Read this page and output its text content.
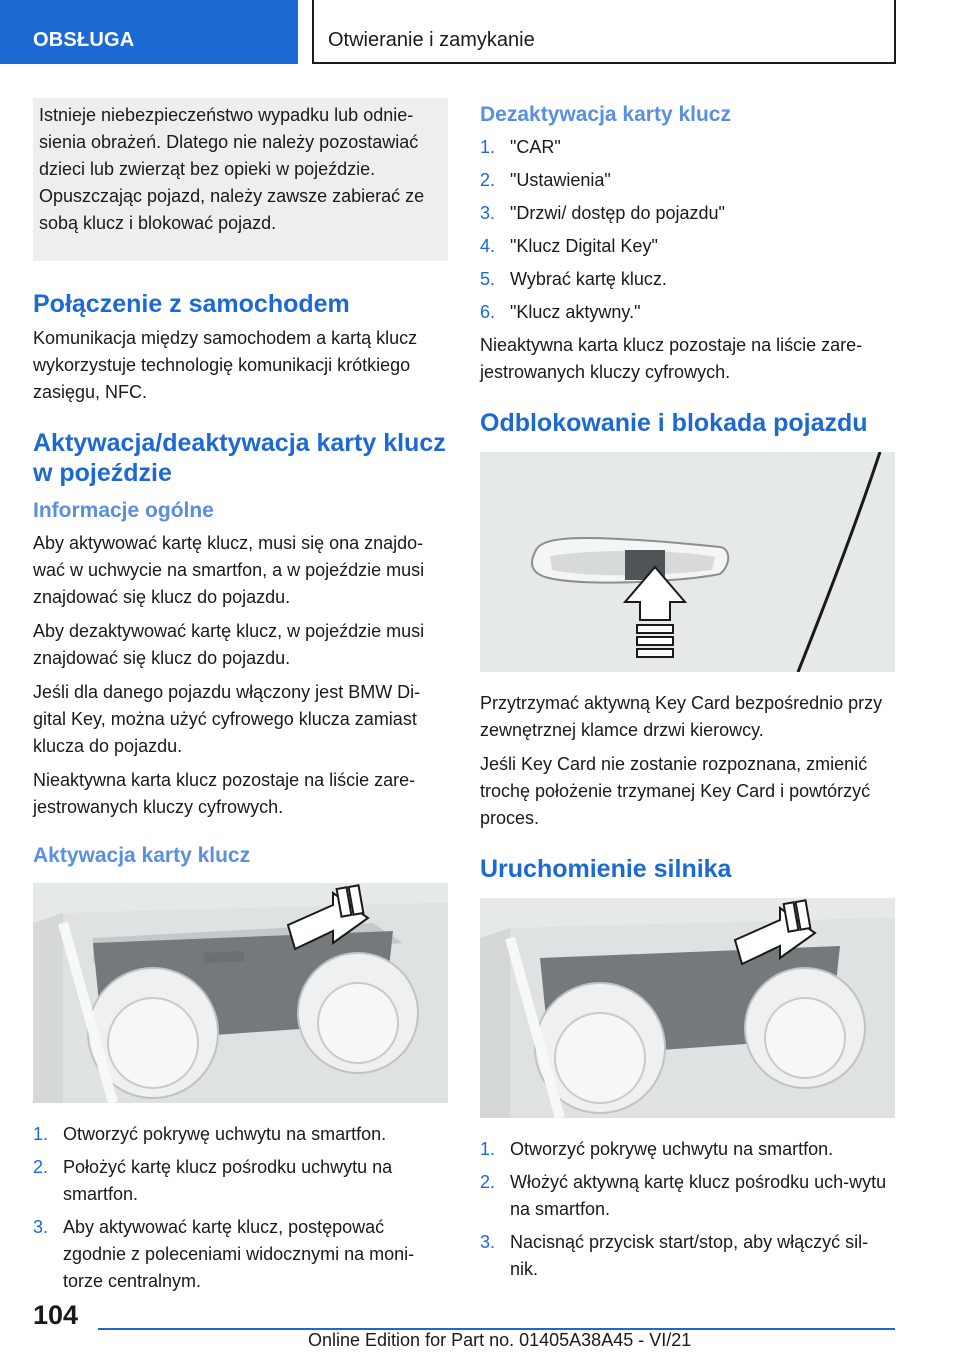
OBSŁUGA	Otwieranie i zamykanie
Istnieje niebezpieczeństwo wypadku lub odnie-sienia obrażeń. Dlatego nie należy pozostawiać dzieci lub zwierząt bez opieki w pojeździe. Opuszczając pojazd, należy zawsze zabierać ze sobą klucz i blokować pojazd.
Połączenie z samochodem

Komunikacja między samochodem a kartą klucz wykorzystuje technologię komunikacji krótkiego zasięgu, NFC.

Aktywacja/deaktywacja karty klucz w pojeździe
Informacje ogólne

Aby aktywować kartę klucz, musi się ona znajdo-wać w uchwycie na smartfon, a w pojeździe musi znajdować się klucz do pojazdu.

Aby dezaktywować kartę klucz, w pojeździe musi znajdować się klucz do pojazdu.

Jeśli dla danego pojazdu włączony jest BMW Di-gital Key, można użyć cyfrowego klucza zamiast klucza do pojazdu.

Nieaktywna karta klucz pozostaje na liście zare-jestrowanych kluczy cyfrowych.

Aktywacja karty klucz
1. Otworzyć pokrywę uchwytu na smartfon.
2. Położyć kartę klucz pośrodku uchwytu na smartfon.
3. Aby aktywować kartę klucz, postępować zgodnie z poleceniami widocznymi na moni-torze centralnym.
Dezaktywacja karty klucz
1. "CAR"
2. "Ustawienia"
3. "Drzwi/ dostęp do pojazdu"
4. "Klucz Digital Key"
5. Wybrać kartę klucz.
6. "Klucz aktywny."

Nieaktywna karta klucz pozostaje na liście zare-jestrowanych kluczy cyfrowych.

Odblokowanie i blokada pojazdu

Przytrzymać aktywną Key Card bezpośrednio przy zewnętrznej klamce drzwi kierowcy.

Jeśli Key Card nie zostanie rozpoznana, zmienić trochę położenie trzymanej Key Card i powtórzyć proces.

Uruchomienie silnika
1. Otworzyć pokrywę uchwytu na smartfon.
2. Włożyć aktywną kartę klucz pośrodku uch-wytu na smartfon.
3. Nacisnąć przycisk start/stop, aby włączyć sil-nik.
104
Online Edition for Part no. 01405A38A45 - VI/21
